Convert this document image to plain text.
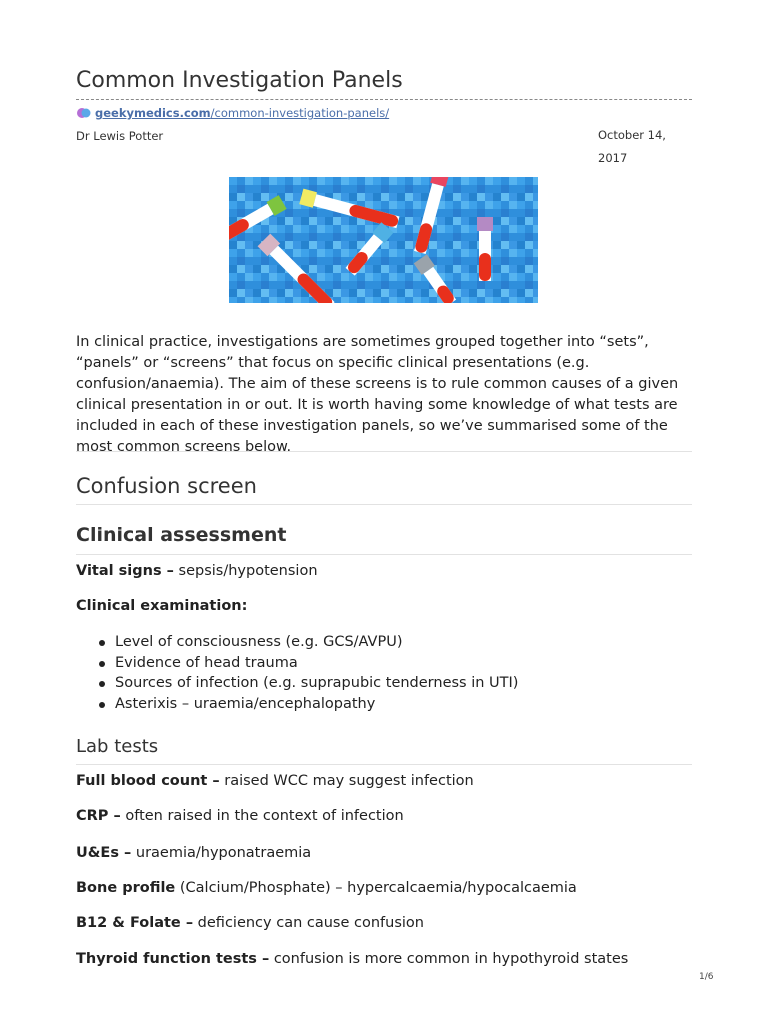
Common Investigation Panels
geekymedics.com /common-investigation-panels/
Dr Lewis Potter	October 14, 2017

In clinical practice, investigations are sometimes grouped together into “sets”, “panels” or “screens” that focus on specific clinical presentations (e.g. confusion/anaemia). The aim of these screens is to rule common causes of a given clinical presentation in or out. It is worth having some knowledge of what tests are included in each of these investigation panels, so we’ve summarised some of the most common screens below.

Confusion screen
Clinical assessment

Vital signs – sepsis/hypotension

Clinical examination:

Level of consciousness (e.g. GCS/AVPU)
Evidence of head trauma
Sources of infection (e.g. suprapubic tenderness in UTI)
Asterixis – uraemia/encephalopathy
Lab tests

Full blood count – raised WCC may suggest infection

CRP – often raised in the context of infection

U&Es – uraemia/hyponatraemia

Bone profile (Calcium/Phosphate) – hypercalcaemia/hypocalcaemia

B12 & Folate – deficiency can cause confusion

Thyroid function tests – confusion is more common in hypothyroid states

1/6
